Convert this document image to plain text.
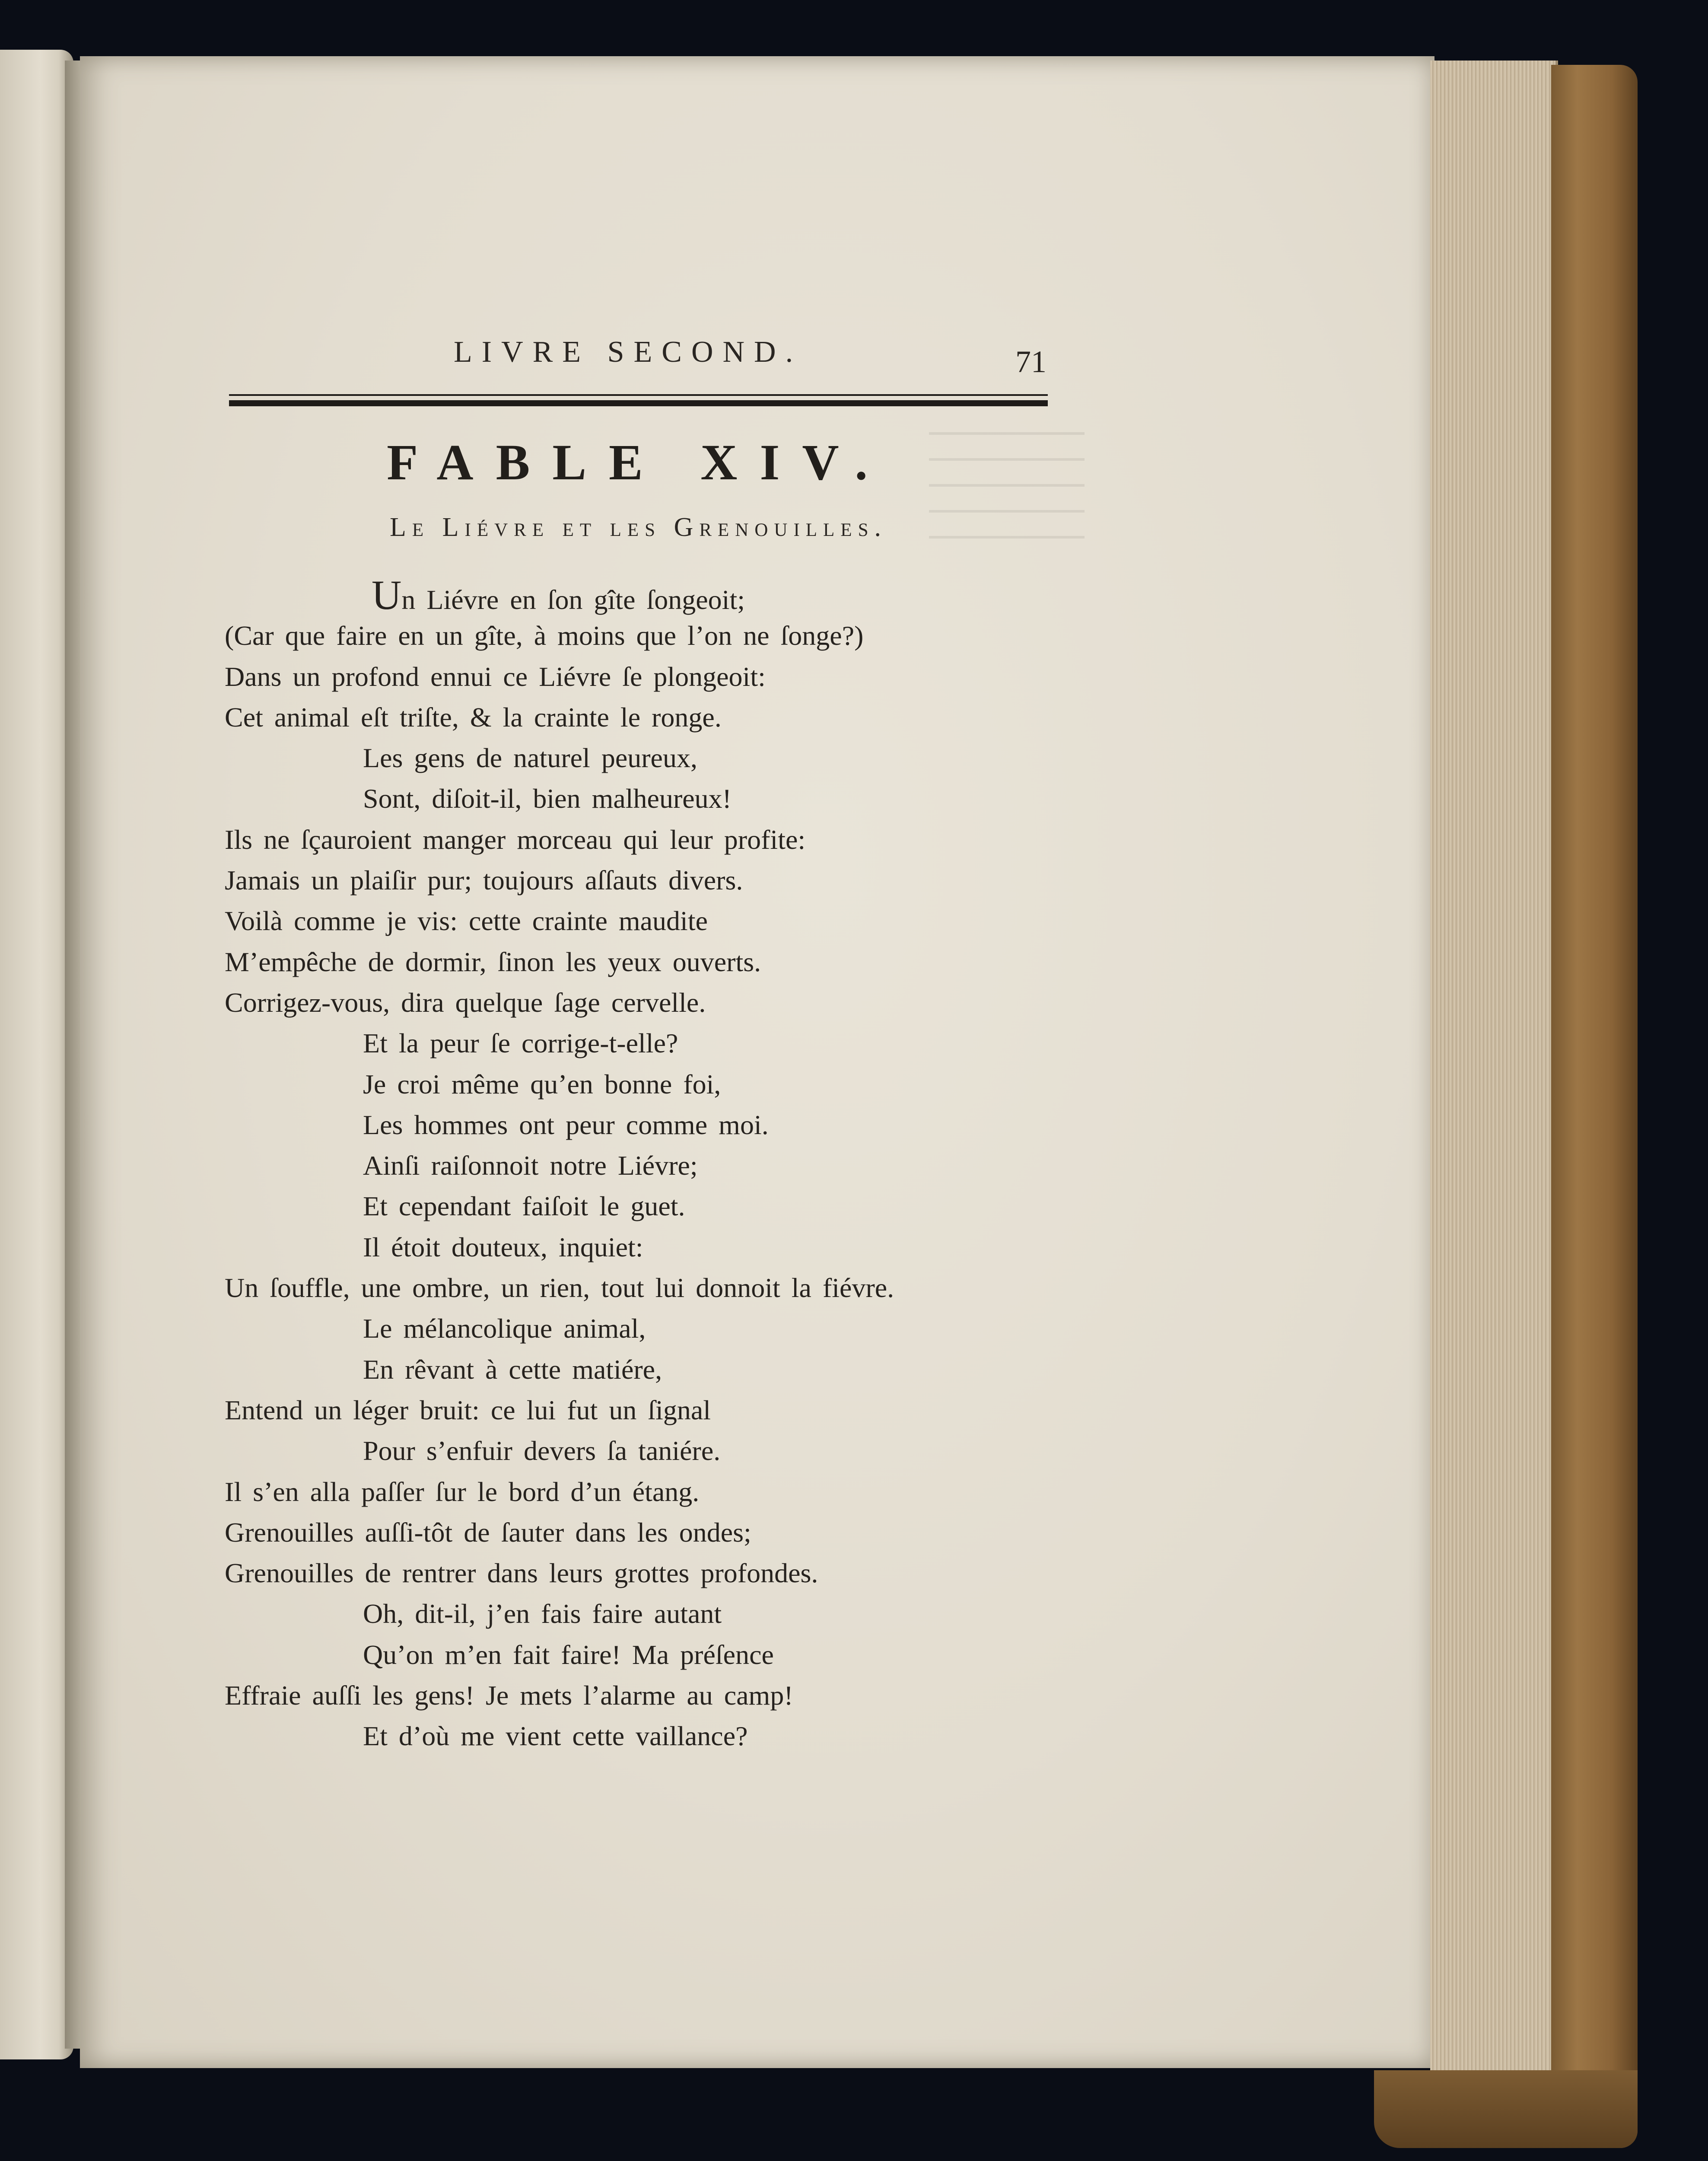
LIVRE SECOND.	71
FABLE XIV.
Le Liévre et les Grenouilles.
Un Liévre en ſon gîte ſongeoit;
(Car que faire en un gîte, à moins que l’on ne ſonge?)
Dans un profond ennui ce Liévre ſe plongeoit:
Cet animal eſt triſte, & la crainte le ronge.
Les gens de naturel peureux,
Sont, diſoit-il, bien malheureux!
Ils ne ſçauroient manger morceau qui leur profite:
Jamais un plaiſir pur; toujours aſſauts divers.
Voilà comme je vis: cette crainte maudite
M’empêche de dormir, ſinon les yeux ouverts.
Corrigez-vous, dira quelque ſage cervelle.
Et la peur ſe corrige-t-elle?
Je croi même qu’en bonne foi,
Les hommes ont peur comme moi.
Ainſi raiſonnoit notre Liévre;
Et cependant faiſoit le guet.
Il étoit douteux, inquiet:
Un ſouffle, une ombre, un rien, tout lui donnoit la fiévre.
Le mélancolique animal,
En rêvant à cette matiére,
Entend un léger bruit: ce lui fut un ſignal
Pour s’enfuir devers ſa taniére.
Il s’en alla paſſer ſur le bord d’un étang.
Grenouilles auſſi-tôt de ſauter dans les ondes;
Grenouilles de rentrer dans leurs grottes profondes.
Oh, dit-il, j’en fais faire autant
Qu’on m’en fait faire! Ma préſence
Effraie auſſi les gens! Je mets l’alarme au camp!
Et d’où me vient cette vaillance?
